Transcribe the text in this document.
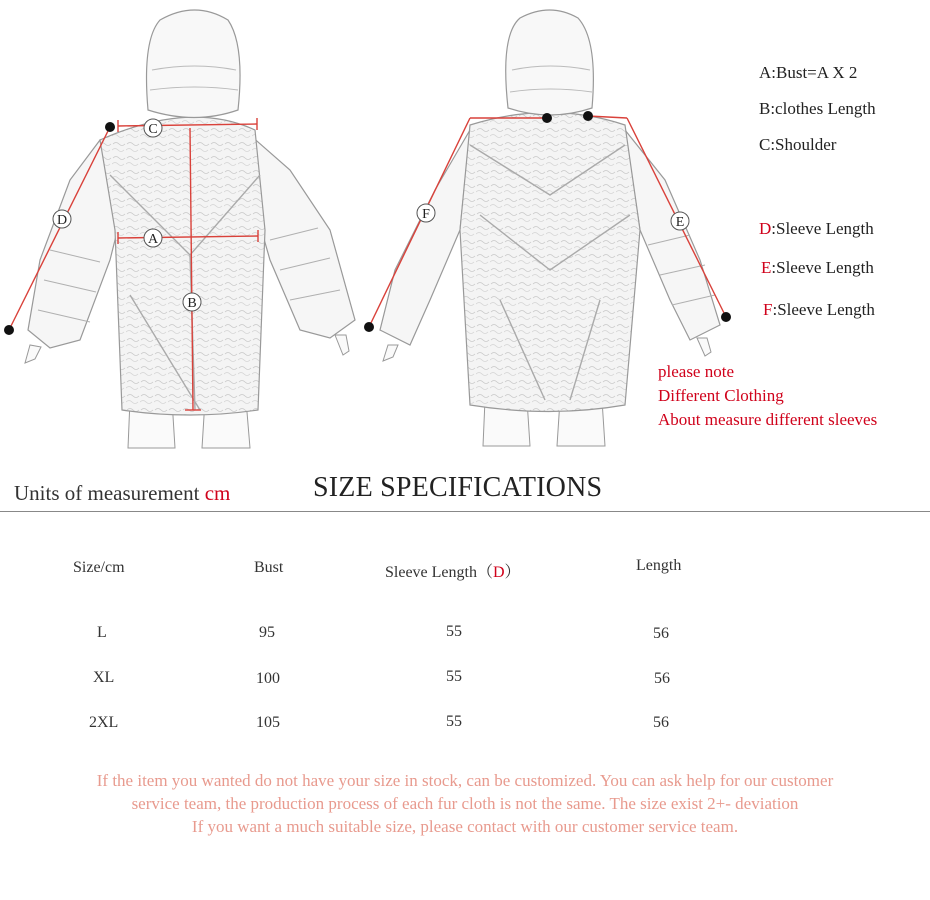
C
A
B
D	F
E
A:Bust=A X 2
B:clothes Length
C:Shoulder
D:Sleeve Length
E:Sleeve Length
F:Sleeve Length
please note
Different Clothing
About measure different sleeves
Units of measurement cm	SIZE SPECIFICATIONS
Size/cm	Bust	Sleeve Length（D）	Length
L	95	55	56
XL	100	55	56
2XL	105	55	56
If the item you wanted do not have your size in stock, can be customized. You can ask help for our customer
service team, the production process of each fur cloth is not the same. The size exist 2+- deviation
If you want a much suitable size, please contact with our customer service team.
